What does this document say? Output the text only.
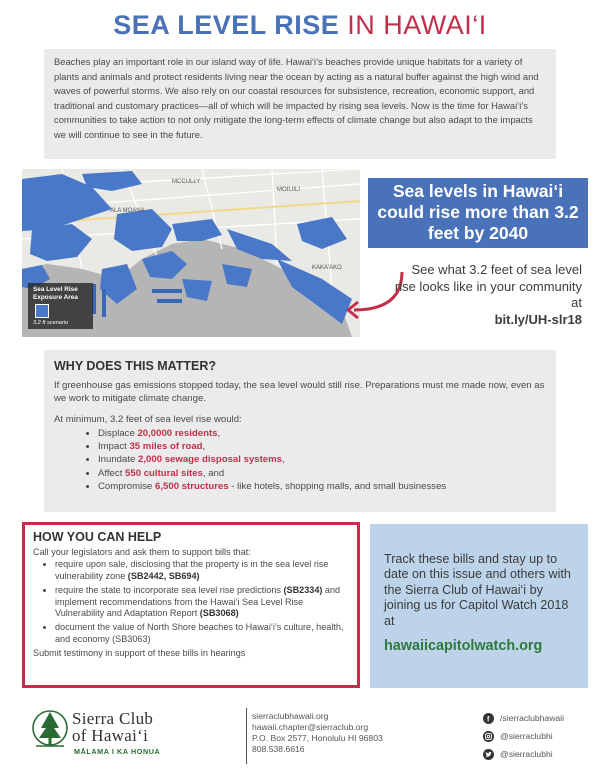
SEA LEVEL RISE IN HAWAI‘I
Beaches play an important role in our island way of life. Hawai‘i’s beaches provide unique habitats for a variety of plants and animals and protect residents living near the ocean by acting as a natural buffer against the high wind and waves of powerful storms. We also rely on our coastal resources for subsistence, recreation, economic support, and traditional and customary practices—all of which will be impacted by rising sea levels. Now is the time for Hawai‘i’s communities to take action to not only mitigate the long-term effects of climate change but also adapt to the impacts we will continue to see in the future.
MCCULLY
MOILIILI
ALA MOANA
KAKA'AKO
Sea Level Rise Exposure Area
3.2 ft scenario
Sea levels in Hawai‘i could rise more than 3.2 feet by 2040
See what 3.2 feet of sea level rise looks like in your community at
bit.ly/UH-slr18
WHY DOES THIS MATTER?

If greenhouse gas emissions stopped today, the sea level would still rise. Preparations must me made now, even as we work to mitigate climate change.

At minimum, 3.2 feet of sea level rise would:

• Displace 20,0000 residents,
• Impact 35 miles of road,
• Inundate 2,000 sewage disposal systems,
• Affect 550 cultural sites, and
• Compromise 6,500 structures - like hotels, shopping malls, and small businesses
HOW YOU CAN HELP

Call your legislators and ask them to support bills that:

• require upon sale, disclosing that the property is in the sea level rise vulnerability zone (SB2442, SB694)
• require the state to incorporate sea level rise predictions (SB2334) and implement recommendations from the Hawai‘i Sea Level Rise Vulnerability and Adaptation Report (SB3068)
• document the value of North Shore beaches to Hawai‘i’s culture, health, and economy (SB3063)

Submit testimony in support of these bills in hearings

Track these bills and stay up to date on this issue and others with the Sierra Club of Hawai‘i by joining us for Capitol Watch 2018 at

hawaiicapitolwatch.org

Sierra Club
of Hawai‘i
MĀLAMA I KA HONUA
sierraclubhawaii.org
hawaii.chapter@sierraclub.org
P.O. Box 2577, Honolulu HI 96803
808.538.6616
f /sierraclubhawaii
@sierraclubhi
@sierraclubhi
